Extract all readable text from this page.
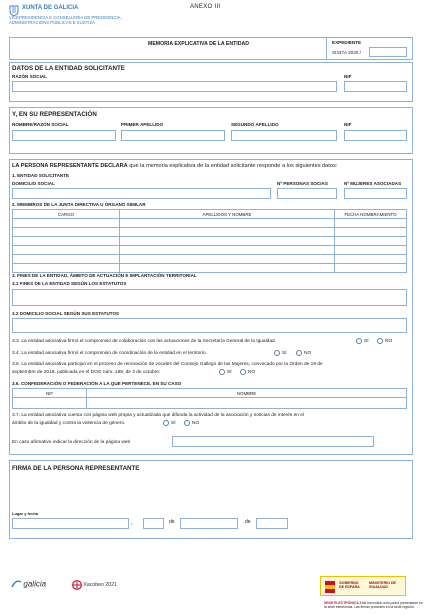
XUNTA DE GALICIA
VICEPRESIDENCIA E CONSELLERÍA DE PRESIDENCIA,
ADMINISTRACIÓNS PÚBLICAS E XUSTIZA
ANEXO III
MEMORIA EXPLICATIVA DE LA ENTIDAD	EXPEDIENTE
SI437A 2020 /
DATOS DE LA ENTIDAD SOLICITANTE
RAZÓN SOCIAL	NIF
Y, EN SU REPRESENTACIÓN
NOMBRE/RAZÓN SOCIAL	PRIMER APELLIDO	SEGUNDO APELLIDO	NIF
LA PERSONA REPRESENTANTE DECLARA que la memoria explicativa de la entidad solicitante responde a los siguientes datos:
1. ENTIDAD SOLICITANTE
DOMICILIO SOCIAL	Nº PERSONAS SOCIAS	Nº MUJERES ASOCIADAS
2. MIEMBROS DE LA JUNTA DIRECTIVA U ÓRGANO SIMILAR
CARGO	APELLIDOS Y NOMBRE	FECHA NOMBRAMIENTO

3. FINES DE LA ENTIDAD, ÁMBITO DE ACTUACIÓN E IMPLANTACIÓN TERRITORIAL
3.1 FINES DE LA ENTIDAD SEGÚN LOS ESTATUTOS
3.2 DOMICILIO SOCIAL SEGÚN SUS ESTATUTOS
3.3. La entidad asociativa firmó el compromiso de colaboración con las actuaciones de la Secretaría General de la Igualdad.	SÍ	NO
3.4. La entidad asociativa firmó el compromiso de coordinación de la entidad en el territorio.	SÍ	NO
3.5. La entidad asociativa participó en el proceso de renovación de vocales del Consejo Gallego de las Mujeres, convocado por la Orden de 19 de
septiembre de 2018, publicada en el DOG núm. 189, de 3 de octubre:	SÍ	NO
3.6. CONFEDERACIÓN O FEDERACIÓN A LA QUE PERTENECE, EN SU CASO
NIF	NOMBRE

3.7. La entidad asociativa cuenta con página web propia y actualizada que difunda la actividad de la asociación y noticias de interés en el
ámbito de la igualdad y contra la violencia de género.	SÍ	NO
En caso afirmativo indicar la dirección de la página web
FIRMA DE LA PERSONA REPRESENTANTE
Lugar y fecha
,	de	de
galicia	Xacobeo 2021	GOBIERNO DE ESPAÑA
MINISTERIO DE IGUALDAD
SEDE ELECTRÓNICA Este formulario sólo podrá presentarse en
la sede electrónica. Las firmas proceden en la sede registro.
